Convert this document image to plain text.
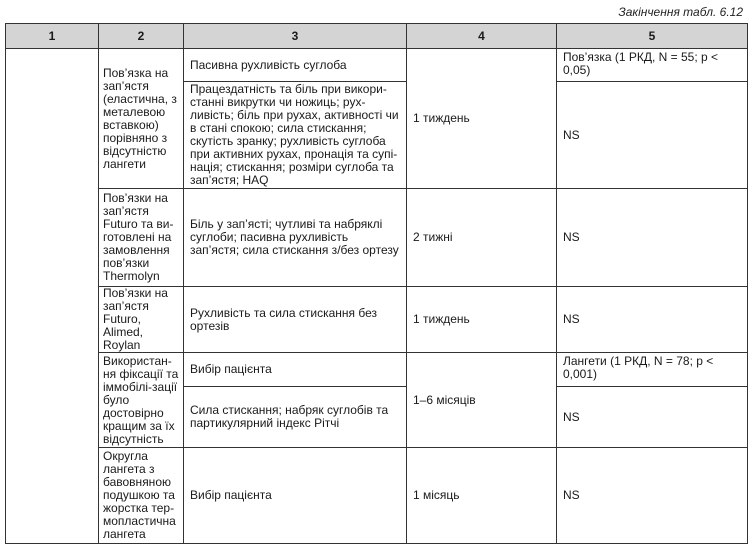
Закінчення табл. 6.12
1	2	3	4	5
	Пов’язка на зап’ястя (еластична, з металевою вставкою) порівняно з відсутністю лангети	Пасивна рухливість суглоба	1 тиждень	Пов’язка (1 РКД, N = 55; p < 0,05)
		Працездатність та біль при викори-станні викрутки чи ножиць; рух-ливість; біль при рухах, активності чи в стані спокою; сила стискання; скутість зранку; рухливість суглоба при активних рухах, пронація та супі-нація; стискання; розміри суглоба та зап’ястя; HAQ		NS
	Пов’язки на зап’ястя Futuro та ви-готовлені на замовлення пов’язки Thermolyn	Біль у зап’ясті; чутливі та набряклі суглоби; пасивна рухливість зап’ястя; сила стискання з/без ортезу	2 тижні	NS
	Пов’язки на зап’ястя Futuro, Alimed, Roylan	Рухливість та сила стискання без ортезів	1 тиждень	NS
	Використан-ня фіксації та іммобілі-зації було достовірно кращим за їх відсутність	Вибір пацієнта	1–6 місяців	Лангети (1 РКД, N = 78; p < 0,001)
		Сила стискання; набряк суглобів та партикулярний індекс Рітчі		NS
	Округла лангета з бавовняною подушкою та жорстка тер-мопластична лангета	Вибір пацієнта	1 місяць	NS
